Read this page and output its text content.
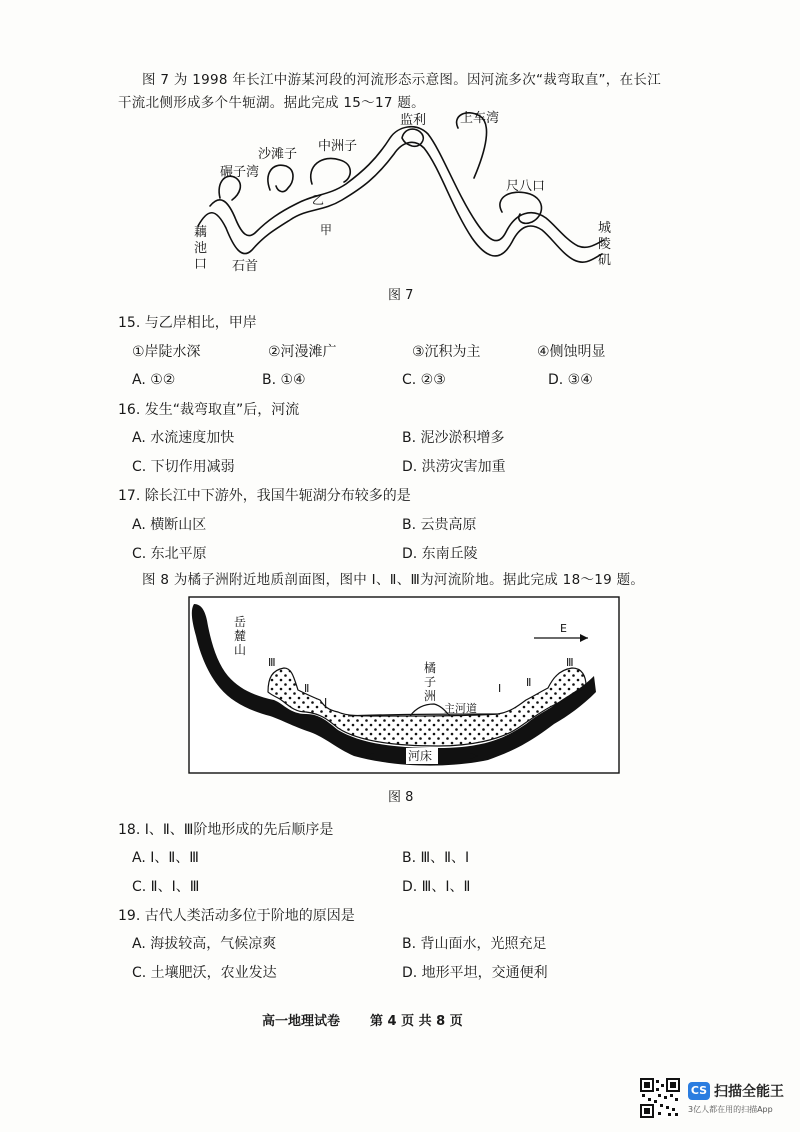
图 7 为 1998 年长江中游某河段的河流形态示意图。因河流多次“裁弯取直”，在长江
干流北侧形成多个牛轭湖。据此完成 15～17 题。
沙滩子
中洲子
监利	上车湾
碾子湾
尺八口
乙
甲
藕
池
口 石首
城
陵
矶
图 7
15. 与乙岸相比，甲岸
①岸陡水深	②河漫滩广	③沉积为主	④侧蚀明显
A. ①②	B. ①④	C. ②③	D. ③④
16. 发生“裁弯取直”后，河流
A. 水流速度加快	B. 泥沙淤积增多
C. 下切作用减弱	D. 洪涝灾害加重
17. 除长江中下游外，我国牛轭湖分布较多的是
A. 横断山区	B. 云贵高原
C. 东北平原	D. 东南丘陵
图 8 为橘子洲附近地质剖面图，图中 Ⅰ、Ⅱ、Ⅲ为河流阶地。据此完成 18～19 题。
E
河床
岳
麓
山
Ⅲ
Ⅱ
Ⅰ
橘
子
洲
主河道
Ⅰ Ⅱ
Ⅲ
图 8
18. Ⅰ、Ⅱ、Ⅲ阶地形成的先后顺序是
A. Ⅰ、Ⅱ、Ⅲ	B. Ⅲ、Ⅱ、Ⅰ
C. Ⅱ、Ⅰ、Ⅲ	D. Ⅲ、Ⅰ、Ⅱ
19. 古代人类活动多位于阶地的原因是
A. 海拔较高，气候凉爽	B. 背山面水，光照充足
C. 土壤肥沃，农业发达	D. 地形平坦，交通便利
高一地理试卷 第 4 页 共 8 页
CS 扫描全能王
3亿人都在用的扫描App
